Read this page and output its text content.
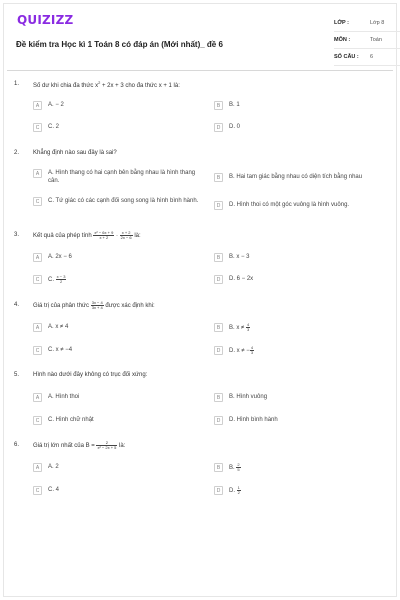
QUIZIZZ
Đề kiểm tra Học kì 1 Toán 8 có đáp án (Mới nhất)_ đề 6
LỚP :	Lớp 8
MÔN :	Toán
SỐ CÂU :	6
1.	Số dư khi chia đa thức $x^2 + 2x + 3$ cho đa thức x + 1 là:
A	A. − 2	B	B. 1
C	C. 2	D	D. 0
2.	Khẳng định nào sau đây là sai?
A	A. Hình thang có hai cạnh bên bằng nhau là hình thang cân.
B	B. Hai tam giác bằng nhau có diện tích bằng nhau
C	C. Tứ giác có các cạnh đối song song là hình bình hành.
D	D. Hình thoi có một góc vuông là hình vuông.
3.	Kết quả của phép tính $\frac{\text{x² − 6x + 9}}{x + 2} \cdot \frac{x + 2}{2x - 6}$ là:
A	A. 2x − 6	B	B. x − 3
C	C. $\frac{x - 3}{2}$	D	D. 6 − 2x
4.	Giá trị của phân thức $\frac{3x - 4}{3x + 4}$ được xác định khi:
A	A. x ≠ 4	B	B. $x \ne \frac{4}{3}$
C	C. x ≠ −4	D	D. x ≠ − $\frac{4}{3}$
5.	Hình nào dưới đây không có trục đối xứng:
A	A. Hình thoi	B	B. Hình vuông
C	C. Hình chữ nhật	D	D. Hình bình hành
6.	Giá trị lớn nhất của $B = \frac{2}{\text{x² − 2x + 5}}$ là:
A	A. 2	B	B. $\frac{2}{5}$
C	C. 4	D	D. $\frac{1}{2}$
